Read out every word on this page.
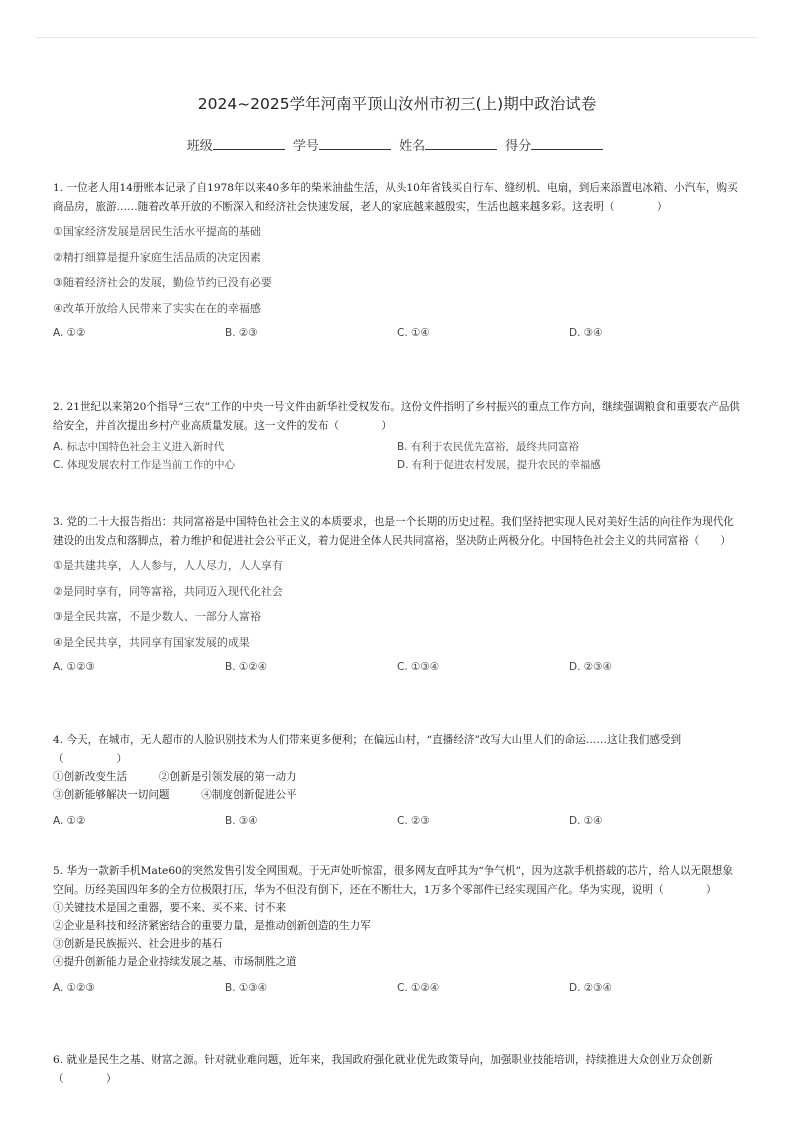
2024~2025学年河南平顶山汝州市初三(上)期中政治试卷
班级	学号	姓名	得分

1. 一位老人用14册账本记录了自1978年以来40多年的柴米油盐生活，从头10年省钱买自行车、缝纫机、电扇，到后来添置电冰箱、小汽车，购买商品房，旅游……随着改革开放的不断深入和经济社会快速发展，老人的家底越来越殷实，生活也越来越多彩。这表明（　　　　）

①国家经济发展是居民生活水平提高的基础

②精打细算是提升家庭生活品质的决定因素

③随着经济社会的发展，勤俭节约已没有必要

④改革开放给人民带来了实实在在的幸福感

A. ①②	B. ②③	C. ①④	D. ③④

2. 21世纪以来第20个指导“三农”工作的中央一号文件由新华社受权发布。这份文件指明了乡村振兴的重点工作方向，继续强调粮食和重要农产品供给安全，并首次提出乡村产业高质量发展。这一文件的发布（　　　　）

A. 标志中国特色社会主义进入新时代	B. 有利于农民优先富裕，最终共同富裕
C. 体现发展农村工作是当前工作的中心	D. 有利于促进农村发展，提升农民的幸福感

3. 党的二十大报告指出：共同富裕是中国特色社会主义的本质要求，也是一个长期的历史过程。我们坚持把实现人民对美好生活的向往作为现代化建设的出发点和落脚点，着力维护和促进社会公平正义，着力促进全体人民共同富裕，坚决防止两极分化。中国特色社会主义的共同富裕（　　）

①是共建共享，人人参与，人人尽力，人人享有

②是同时享有，同等富裕，共同迈入现代化社会

③是全民共富，不是少数人、一部分人富裕

④是全民共享，共同享有国家发展的成果

A. ①②③	B. ①②④	C. ①③④	D. ②③④

4. 今天，在城市，无人超市的人脸识别技术为人们带来更多便利；在偏远山村，“直播经济”改写大山里人们的命运……这让我们感受到（　　　　　）

①创新改变生活　　　②创新是引领发展的第一动力

③创新能够解决一切问题　　　④制度创新促进公平

A. ①②	B. ③④	C. ②③	D. ①④

5. 华为一款新手机Mate60的突然发售引发全网围观。于无声处听惊雷，很多网友直呼其为“争气机”，因为这款手机搭载的芯片，给人以无限想象空间。历经美国四年多的全方位极限打压，华为不但没有倒下，还在不断壮大，1万多个零部件已经实现国产化。华为实现，说明（　　　　）

①关键技术是国之重器，要不来、买不来、讨不来

②企业是科技和经济紧密结合的重要力量，是推动创新创造的生力军

③创新是民族振兴、社会进步的基石

④提升创新能力是企业持续发展之基、市场制胜之道

A. ①②③	B. ①③④	C. ①②④	D. ②③④

6. 就业是民生之基、财富之源。针对就业难问题，近年来，我国政府强化就业优先政策导向，加强职业技能培训，持续推进大众创业万众创新（　　　　）
